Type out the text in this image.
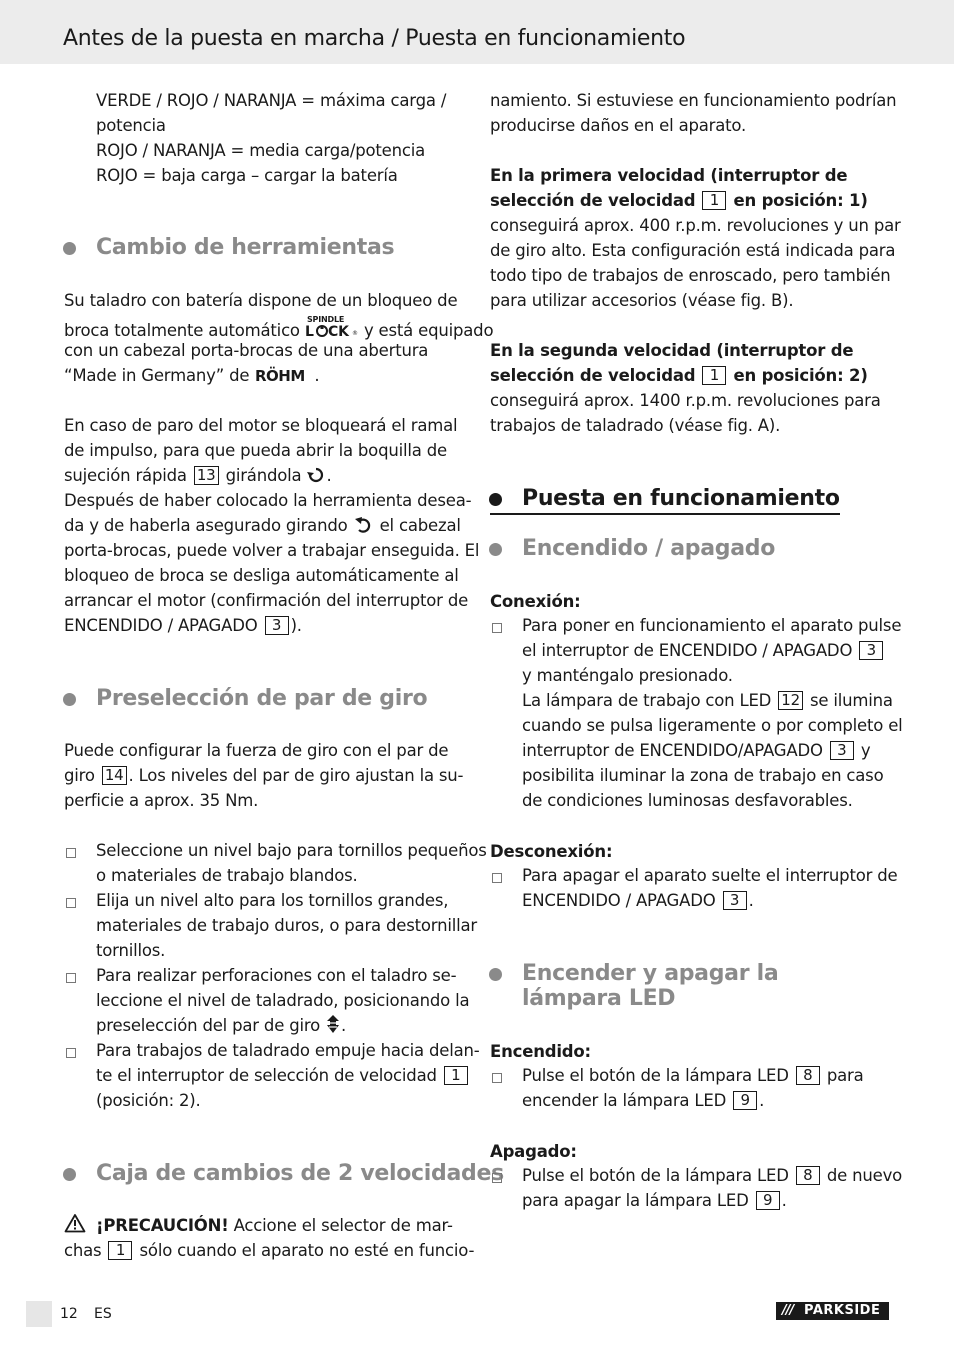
Antes de la puesta en marcha / Puesta en funcionamiento
VERDE / ROJO / NARANJA = máxima carga /
potencia
ROJO / NARANJA = media carga/potencia
ROJO = baja carga – cargar la batería
Cambio de herramientas
Su taladro con batería dispone de un bloqueo de
broca totalmente automático
SPINDLE
L CK ® y está equipado
con un cabezal porta-brocas de una abertura
“Made in Germany” de RÖHM .
En caso de paro del motor se bloqueará el ramal
de impulso, para que pueda abrir la boquilla de
sujeción rápida 13 girándola .
Después de haber colocado la herramienta desea-
da y de haberla asegurado girando el cabezal
porta-brocas, puede volver a trabajar enseguida. El
bloqueo de broca se desliga automáticamente al
arrancar el motor (confirmación del interruptor de
ENCENDIDO / APAGADO 3 ).
Preselección de par de giro
Puede configurar la fuerza de giro con el par de
giro 14 . Los niveles del par de giro ajustan la su-
perficie a aprox. 35 Nm.
Seleccione un nivel bajo para tornillos pequeños
o materiales de trabajo blandos.
Elija un nivel alto para los tornillos grandes,
materiales de trabajo duros, o para destornillar
tornillos.
Para realizar perforaciones con el taladro se-
leccione el nivel de taladrado, posicionando la
preselección del par de giro .
Para trabajos de taladrado empuje hacia delan-
te el interruptor de selección de velocidad 1
(posición: 2).
Caja de cambios de 2 velocidades
¡PRECAUCIÓN! Accione el selector de mar-
chas 1 sólo cuando el aparato no esté en funcio-
namiento. Si estuviese en funcionamiento podrían
producirse daños en el aparato.
En la primera velocidad (interruptor de
selección de velocidad 1 en posición: 1)
conseguirá aprox. 400 r.p.m. revoluciones y un par
de giro alto. Esta configuración está indicada para
todo tipo de trabajos de enroscado, pero también
para utilizar accesorios (véase fig. B).
En la segunda velocidad (interruptor de
selección de velocidad 1 en posición: 2)
conseguirá aprox. 1400 r.p.m. revoluciones para
trabajos de taladrado (véase fig. A).
Puesta en funcionamiento
Encendido / apagado
Conexión:
Para poner en funcionamiento el aparato pulse
el interruptor de ENCENDIDO / APAGADO 3
y manténgalo presionado.
La lámpara de trabajo con LED 12 se ilumina
cuando se pulsa ligeramente o por completo el
interruptor de ENCENDIDO/APAGADO 3 y
posibilita iluminar la zona de trabajo en caso
de condiciones luminosas desfavorables.
Desconexión:
Para apagar el aparato suelte el interruptor de
ENCENDIDO / APAGADO 3 .
Encender y apagar la
lámpara LED
Encendido:
Pulse el botón de la lámpara LED 8 para
encender la lámpara LED 9 .
Apagado:
Pulse el botón de la lámpara LED 8 de nuevo
para apagar la lámpara LED 9 .
12 ES	/// PARKSIDE
